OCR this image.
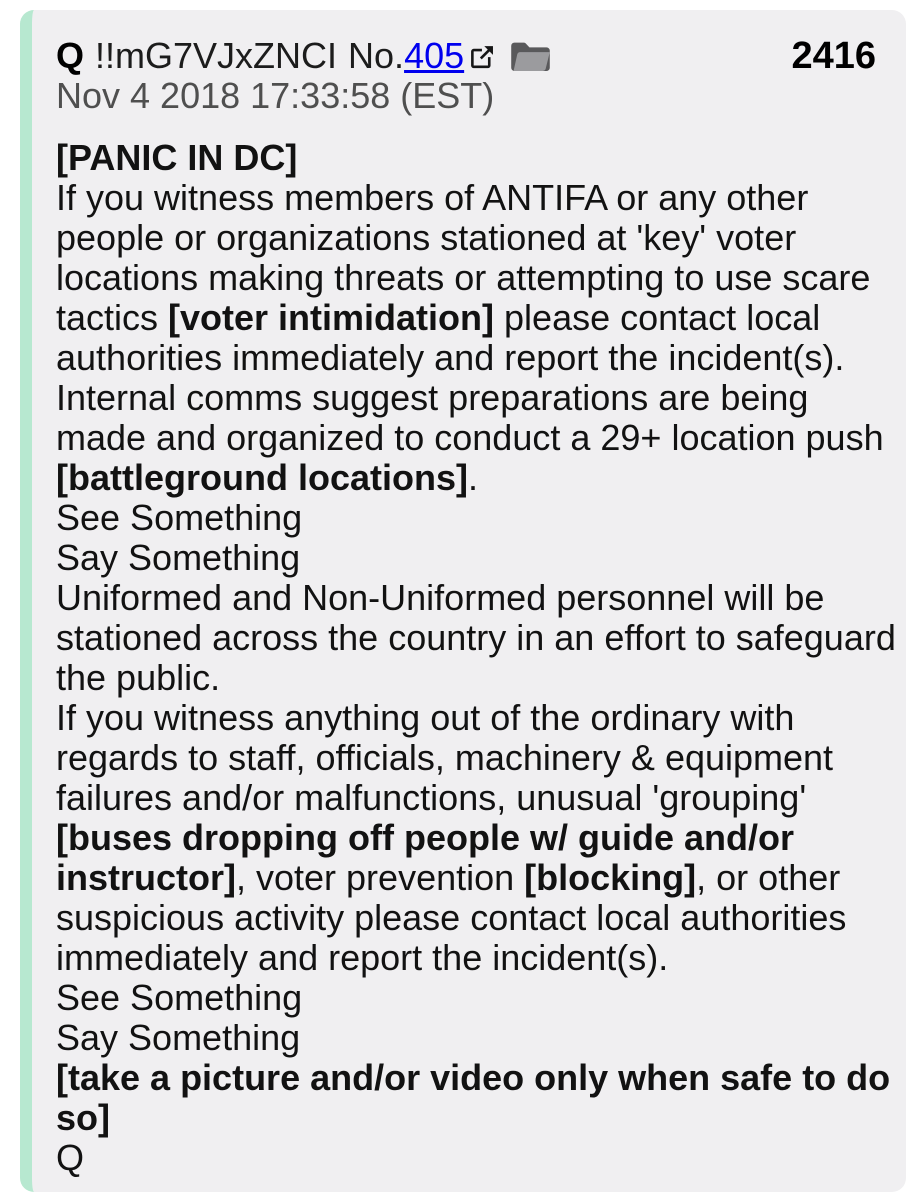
Q !!mG7VJxZNCI No. 405	2416
Nov 4 2018 17:33:58 (EST)
[PANIC IN DC]
If you witness members of ANTIFA or any other
people or organizations stationed at 'key' voter
locations making threats or attempting to use scare
tactics [voter intimidation] please contact local
authorities immediately and report the incident(s).
Internal comms suggest preparations are being
made and organized to conduct a 29+ location push
[battleground locations].
See Something
Say Something
Uniformed and Non-Uniformed personnel will be
stationed across the country in an effort to safeguard
the public.
If you witness anything out of the ordinary with
regards to staff, officials, machinery & equipment
failures and/or malfunctions, unusual 'grouping'
[buses dropping off people w/ guide and/or
instructor], voter prevention [blocking], or other
suspicious activity please contact local authorities
immediately and report the incident(s).
See Something
Say Something
[take a picture and/or video only when safe to do
so]
Q
